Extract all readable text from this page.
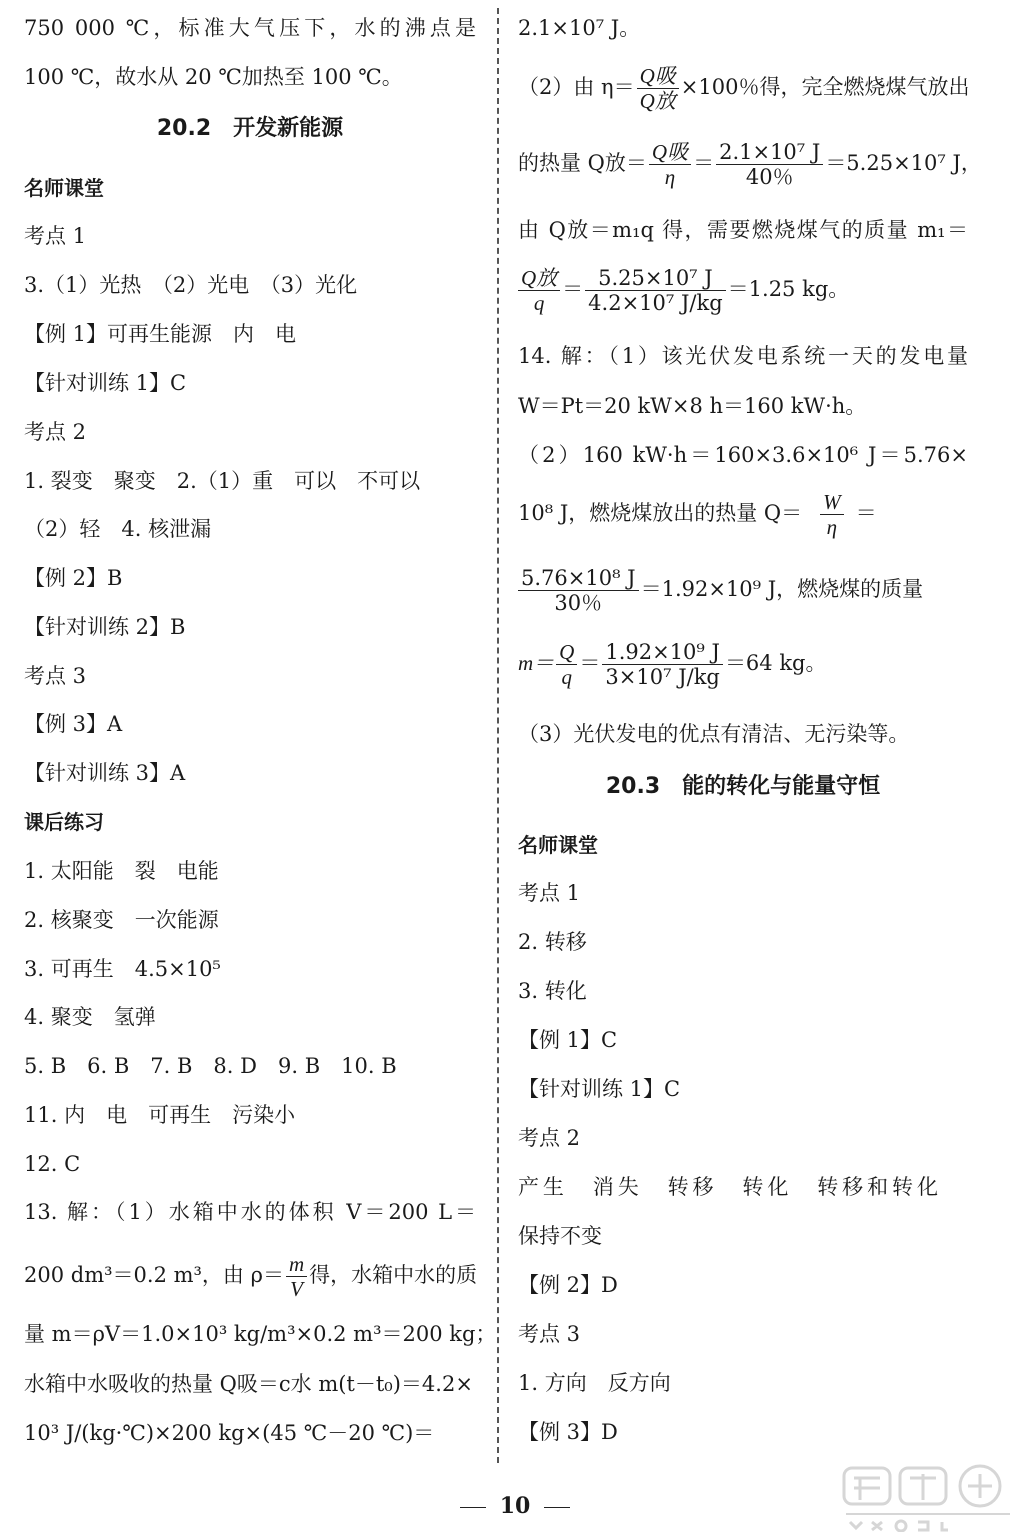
750 000 ℃，标准大气压下，水的沸点是
100 ℃，故水从 20 ℃加热至 100 ℃。
20.2　开发新能源
名师课堂
考点 1
3.（1）光热　（2）光电　（3）光化
【例 1】可再生能源　内　电
【针对训练 1】C
考点 2
1. 裂变　聚变　2.（1）重　可以　不可以
（2）轻　4. 核泄漏
【例 2】B
【针对训练 2】B
考点 3
【例 3】A
【针对训练 3】A
课后练习
1. 太阳能　裂　电能
2. 核聚变　一次能源
3. 可再生　4.5×10⁵
4. 聚变　氢弹
5. B　6. B　7. B　8. D　9. B　10. B
11. 内　电　可再生　污染小
12. C
13. 解：（1）水箱中水的体积 V＝200 L＝
200 dm³＝0.2 m³，由 $\rho= \frac{m}{V}$ 得，水箱中水的质
量 m＝ρV＝1.0×10³ kg/m³×0.2 m³＝200 kg；
水箱中水吸收的热量 Q吸＝c水 m(t－t₀)＝4.2×
10³ J/(kg·℃)×200 kg×(45 ℃－20 ℃)＝
2.1×10⁷ J。
（2）由 $\eta= \frac{\text{Q吸}}{\text{Q放}} \times 100$％得，完全燃烧煤气放出
的热量 Q放＝ $\frac{\text{Q吸}}{\eta} = \frac{\text{2.1×10⁷ J}}{40\%} =5.25\times 10^7$ J，
由 Q放＝m₁q 得，需要燃烧煤气的质量 m₁＝
$\frac{\text{Q放}}{q} = \frac{\text{5.25×10⁷ J}}{\text{4.2×10⁷ J/kg}} =1.25$ kg。
14. 解：（1）该光伏发电系统一天的发电量
W＝Pt＝20 kW×8 h＝160 kW·h。
（2）160 kW·h＝160×3.6×10⁶ J＝5.76×
10⁸ J，燃烧煤放出的热量 $Q= \frac{W}{\eta}$ ＝
$\frac{\text{5.76×10⁸ J}}{30\%} =1.92\times 10^9$ J，燃烧煤的质量
$m= \frac{Q}{q} = \frac{\text{1.92×10⁹ J}}{\text{3×10⁷ J/kg}} =64$ kg。
（3）光伏发电的优点有清洁、无污染等。
20.3　能的转化与能量守恒
名师课堂
考点 1
2. 转移
3. 转化
【例 1】C
【针对训练 1】C
考点 2
产生　消失　转移　转化　转移和转化
保持不变
【例 2】D
考点 3
1. 方向　反方向
【例 3】D
10
